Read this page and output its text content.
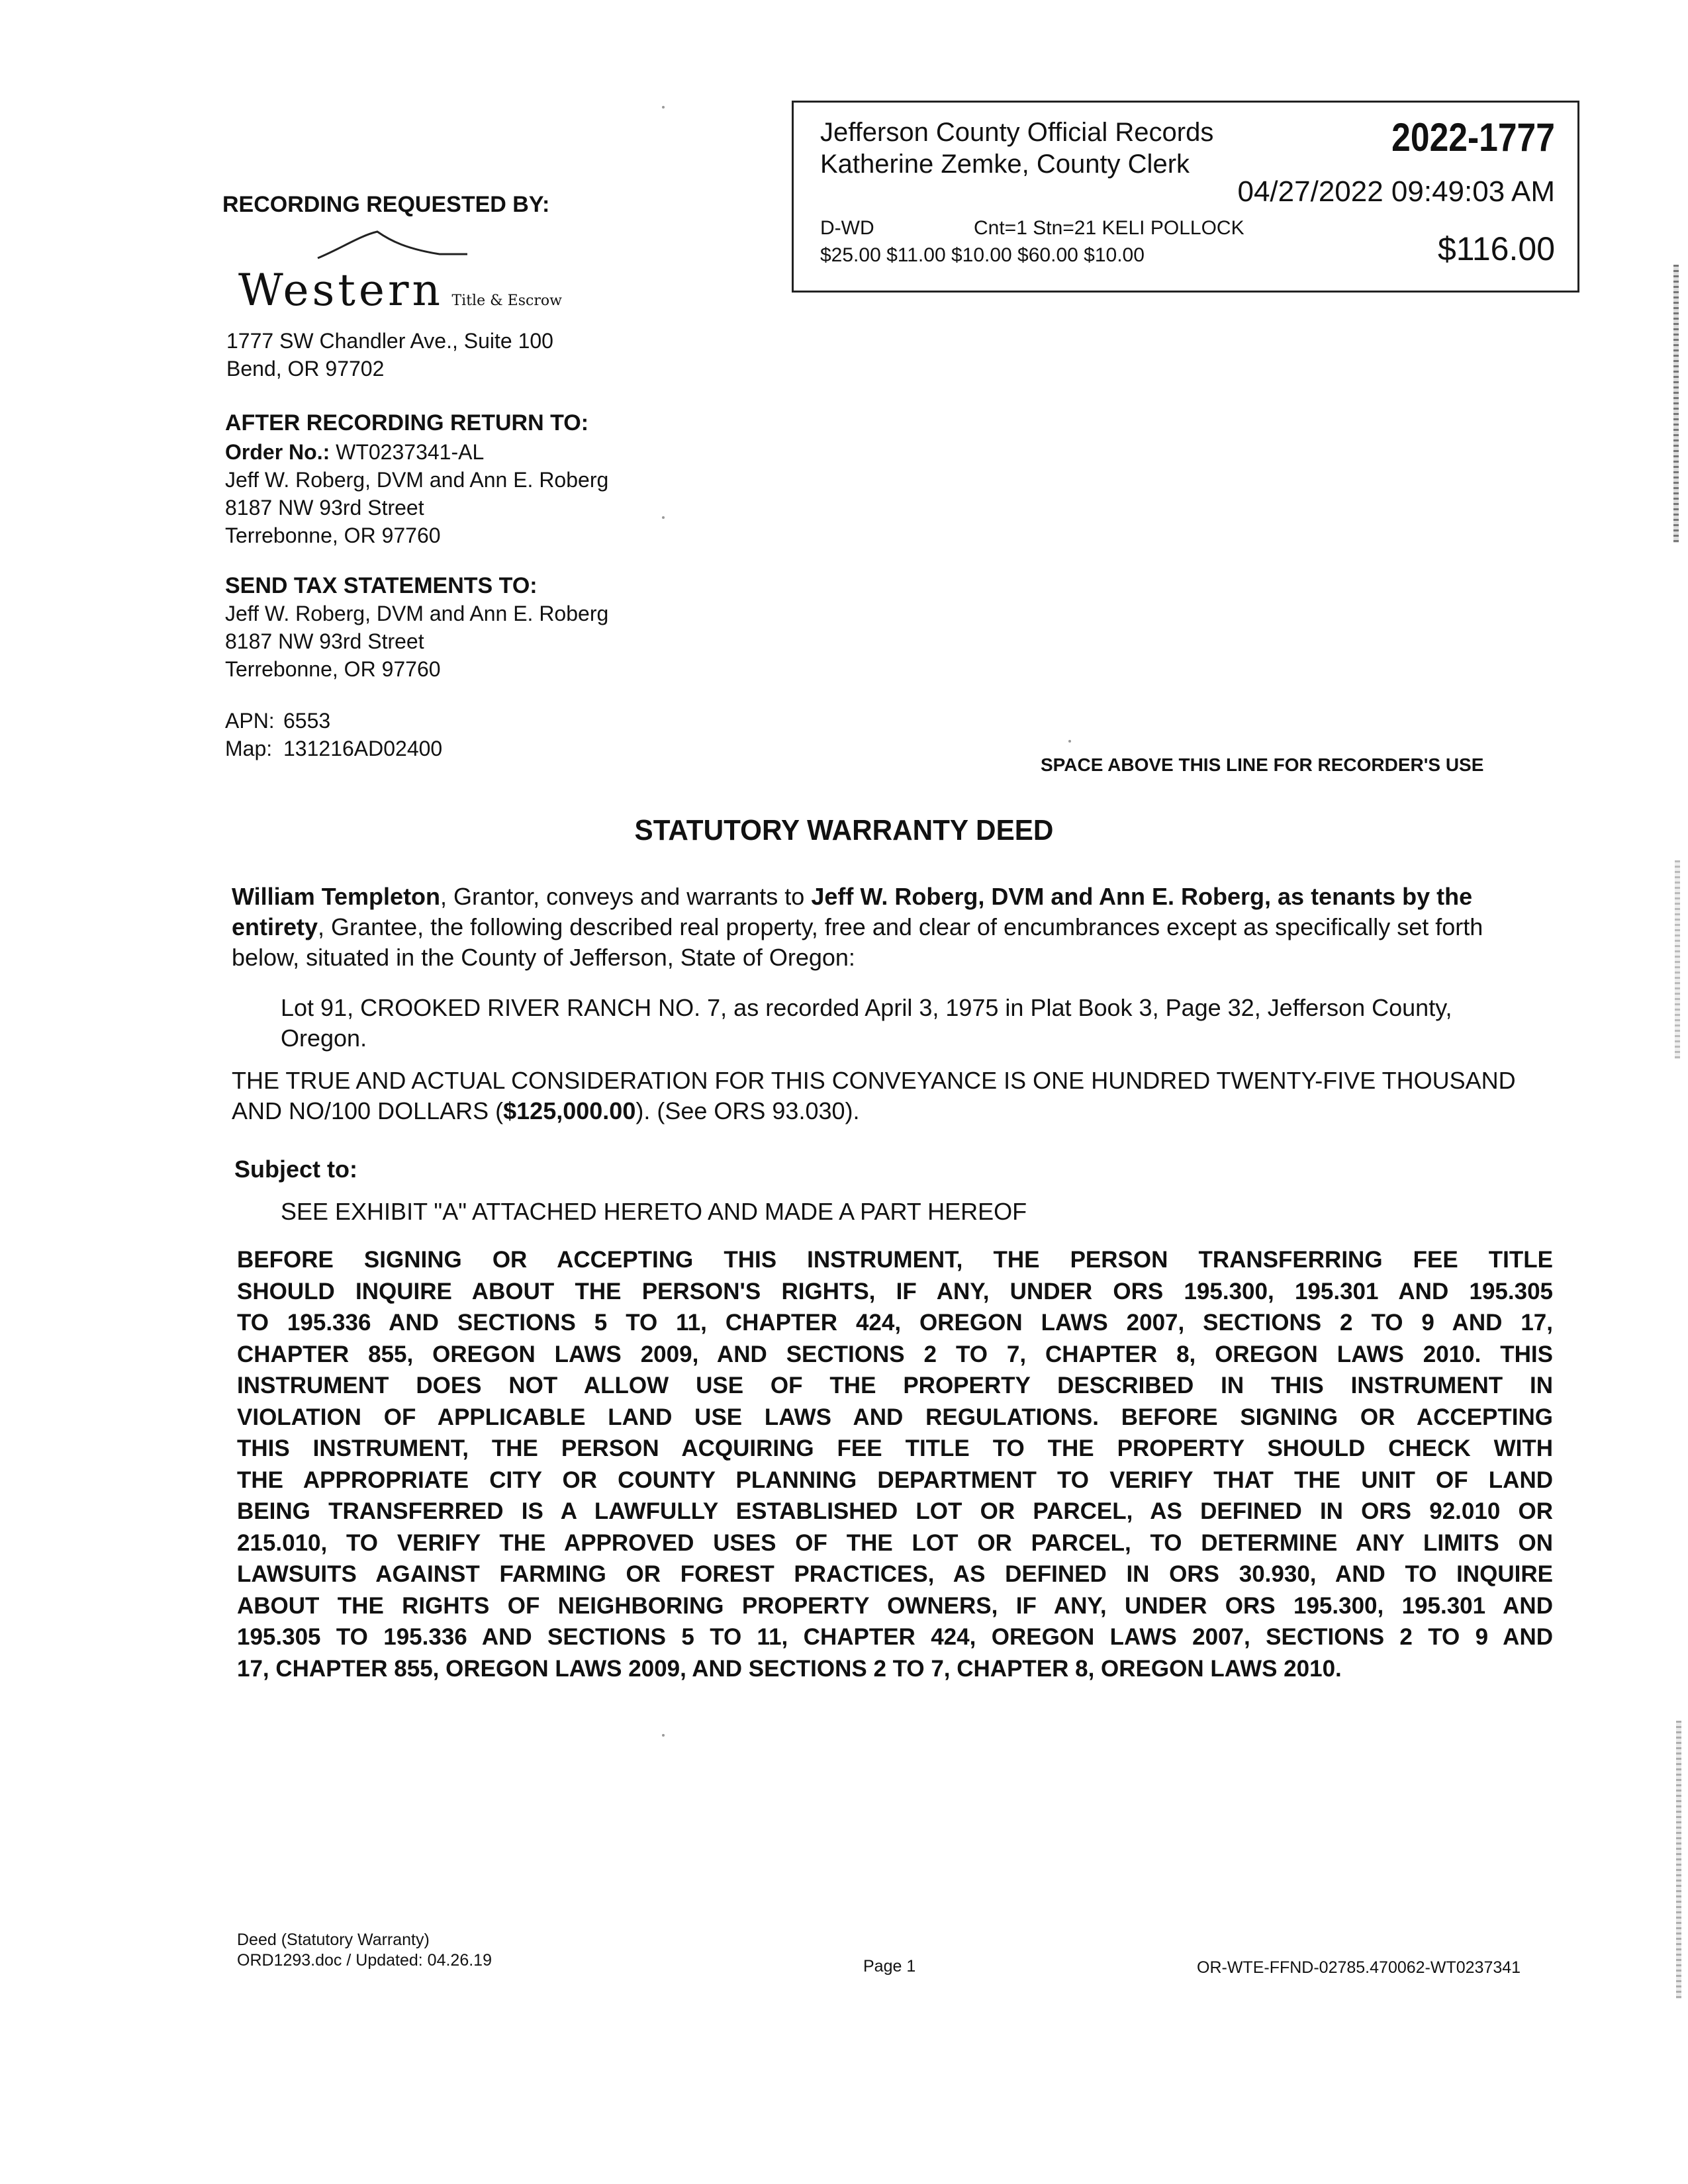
Jefferson County Official Records
Katherine Zemke, County Clerk
2022-1777
04/27/2022 09:49:03 AM
D-WD	Cnt=1 Stn=21 KELI POLLOCK
$25.00 $11.00 $10.00 $60.00 $10.00	$116.00
RECORDING REQUESTED BY:
Western Title & Escrow
1777 SW Chandler Ave., Suite 100
Bend, OR 97702
AFTER RECORDING RETURN TO:
Order No.: WT0237341-AL
Jeff W. Roberg, DVM and Ann E. Roberg
8187 NW 93rd Street
Terrebonne, OR 97760
SEND TAX STATEMENTS TO:
Jeff W. Roberg, DVM and Ann E. Roberg
8187 NW 93rd Street
Terrebonne, OR 97760
APN: 6553
Map: 131216AD02400
SPACE ABOVE THIS LINE FOR RECORDER'S USE
STATUTORY WARRANTY DEED
William Templeton, Grantor, conveys and warrants to Jeff W. Roberg, DVM and Ann E. Roberg, as tenants by the entirety, Grantee, the following described real property, free and clear of encumbrances except as specifically set forth below, situated in the County of Jefferson, State of Oregon:
Lot 91, CROOKED RIVER RANCH NO. 7, as recorded April 3, 1975 in Plat Book 3, Page 32, Jefferson County, Oregon.
THE TRUE AND ACTUAL CONSIDERATION FOR THIS CONVEYANCE IS ONE HUNDRED TWENTY-FIVE THOUSAND AND NO/100 DOLLARS ($125,000.00). (See ORS 93.030).
Subject to:
SEE EXHIBIT "A" ATTACHED HERETO AND MADE A PART HEREOF
BEFORE SIGNING OR ACCEPTING THIS INSTRUMENT, THE PERSON TRANSFERRING FEE TITLE
SHOULD INQUIRE ABOUT THE PERSON'S RIGHTS, IF ANY, UNDER ORS 195.300, 195.301 AND 195.305
TO 195.336 AND SECTIONS 5 TO 11, CHAPTER 424, OREGON LAWS 2007, SECTIONS 2 TO 9 AND 17,
CHAPTER 855, OREGON LAWS 2009, AND SECTIONS 2 TO 7, CHAPTER 8, OREGON LAWS 2010. THIS
INSTRUMENT DOES NOT ALLOW USE OF THE PROPERTY DESCRIBED IN THIS INSTRUMENT IN
VIOLATION OF APPLICABLE LAND USE LAWS AND REGULATIONS. BEFORE SIGNING OR ACCEPTING
THIS INSTRUMENT, THE PERSON ACQUIRING FEE TITLE TO THE PROPERTY SHOULD CHECK WITH
THE APPROPRIATE CITY OR COUNTY PLANNING DEPARTMENT TO VERIFY THAT THE UNIT OF LAND
BEING TRANSFERRED IS A LAWFULLY ESTABLISHED LOT OR PARCEL, AS DEFINED IN ORS 92.010 OR
215.010, TO VERIFY THE APPROVED USES OF THE LOT OR PARCEL, TO DETERMINE ANY LIMITS ON
LAWSUITS AGAINST FARMING OR FOREST PRACTICES, AS DEFINED IN ORS 30.930, AND TO INQUIRE
ABOUT THE RIGHTS OF NEIGHBORING PROPERTY OWNERS, IF ANY, UNDER ORS 195.300, 195.301 AND
195.305 TO 195.336 AND SECTIONS 5 TO 11, CHAPTER 424, OREGON LAWS 2007, SECTIONS 2 TO 9 AND
17, CHAPTER 855, OREGON LAWS 2009, AND SECTIONS 2 TO 7, CHAPTER 8, OREGON LAWS 2010.
Deed (Statutory Warranty)
ORD1293.doc / Updated: 04.26.19	Page 1	OR-WTE-FFND-02785.470062-WT0237341
